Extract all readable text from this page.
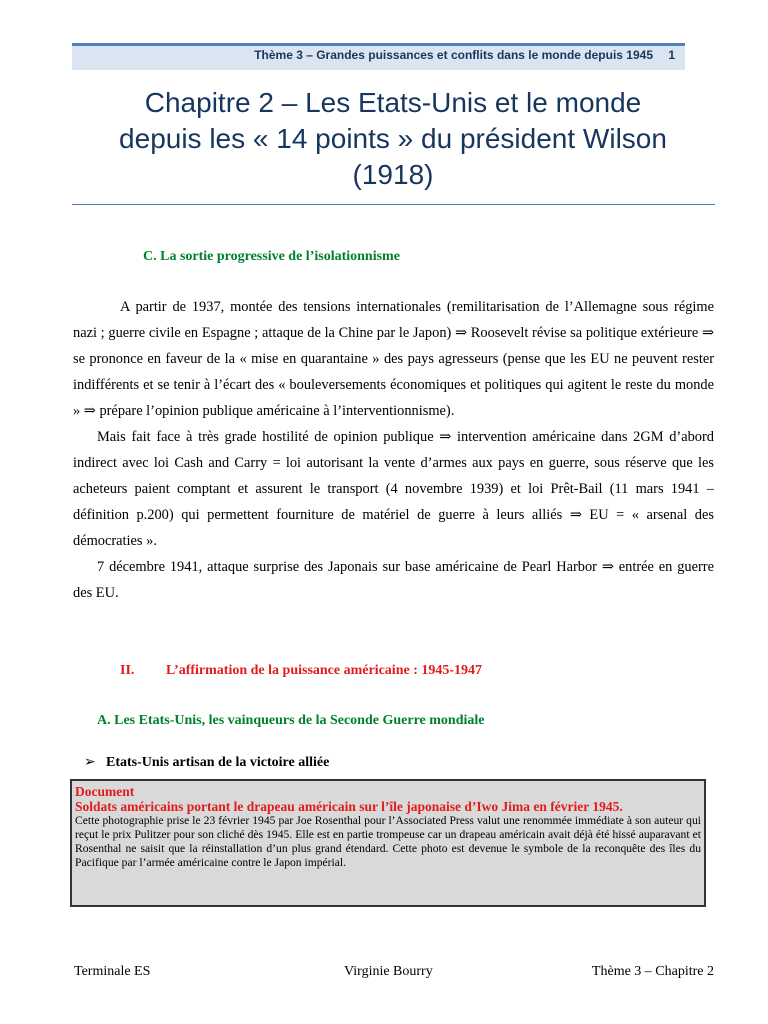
Thème 3 – Grandes puissances et conflits dans le monde depuis 1945 1
Chapitre 2 – Les Etats-Unis et le monde
depuis les « 14 points » du président Wilson
(1918)
C. La sortie progressive de l’isolationnisme

A partir de 1937, montée des tensions internationales (remilitarisation de l’Allemagne sous régime nazi ; guerre civile en Espagne ; attaque de la Chine par le Japon) ⇒ Roosevelt révise sa politique extérieure ⇒ se prononce en faveur de la « mise en quarantaine » des pays agresseurs (pense que les EU ne peuvent rester indifférents et se tenir à l’écart des « bouleversements économiques et politiques qui agitent le reste du monde » ⇒ prépare l’opinion publique américaine à l’interventionnisme).

Mais fait face à très grade hostilité de opinion publique ⇒ intervention américaine dans 2GM d’abord indirect avec loi Cash and Carry = loi autorisant la vente d’armes aux pays en guerre, sous réserve que les acheteurs paient comptant et assurent le transport (4 novembre 1939) et loi Prêt-Bail (11 mars 1941 – définition p.200) qui permettent fourniture de matériel de guerre à leurs alliés ⇒ EU = « arsenal des démocraties ».

7 décembre 1941, attaque surprise des Japonais sur base américaine de Pearl Harbor ⇒ entrée en guerre des EU.

II. L’affirmation de la puissance américaine : 1945-1947
A. Les Etats-Unis, les vainqueurs de la Seconde Guerre mondiale
➢ Etats-Unis artisan de la victoire alliée
Document
Soldats américains portant le drapeau américain sur l’île japonaise d’Iwo Jima en février 1945.
Cette photographie prise le 23 février 1945 par Joe Rosenthal pour l’Associated Press valut une renommée immédiate à son auteur qui reçut le prix Pulitzer pour son cliché dès 1945. Elle est en partie trompeuse car un drapeau américain avait déjà été hissé auparavant et Rosenthal ne saisit que la réinstallation d’un plus grand étendard. Cette photo est devenue le symbole de la reconquête des îles du Pacifique par l’armée américaine contre le Japon impérial.
Terminale ES	Virginie Bourry	Thème 3 – Chapitre 2
